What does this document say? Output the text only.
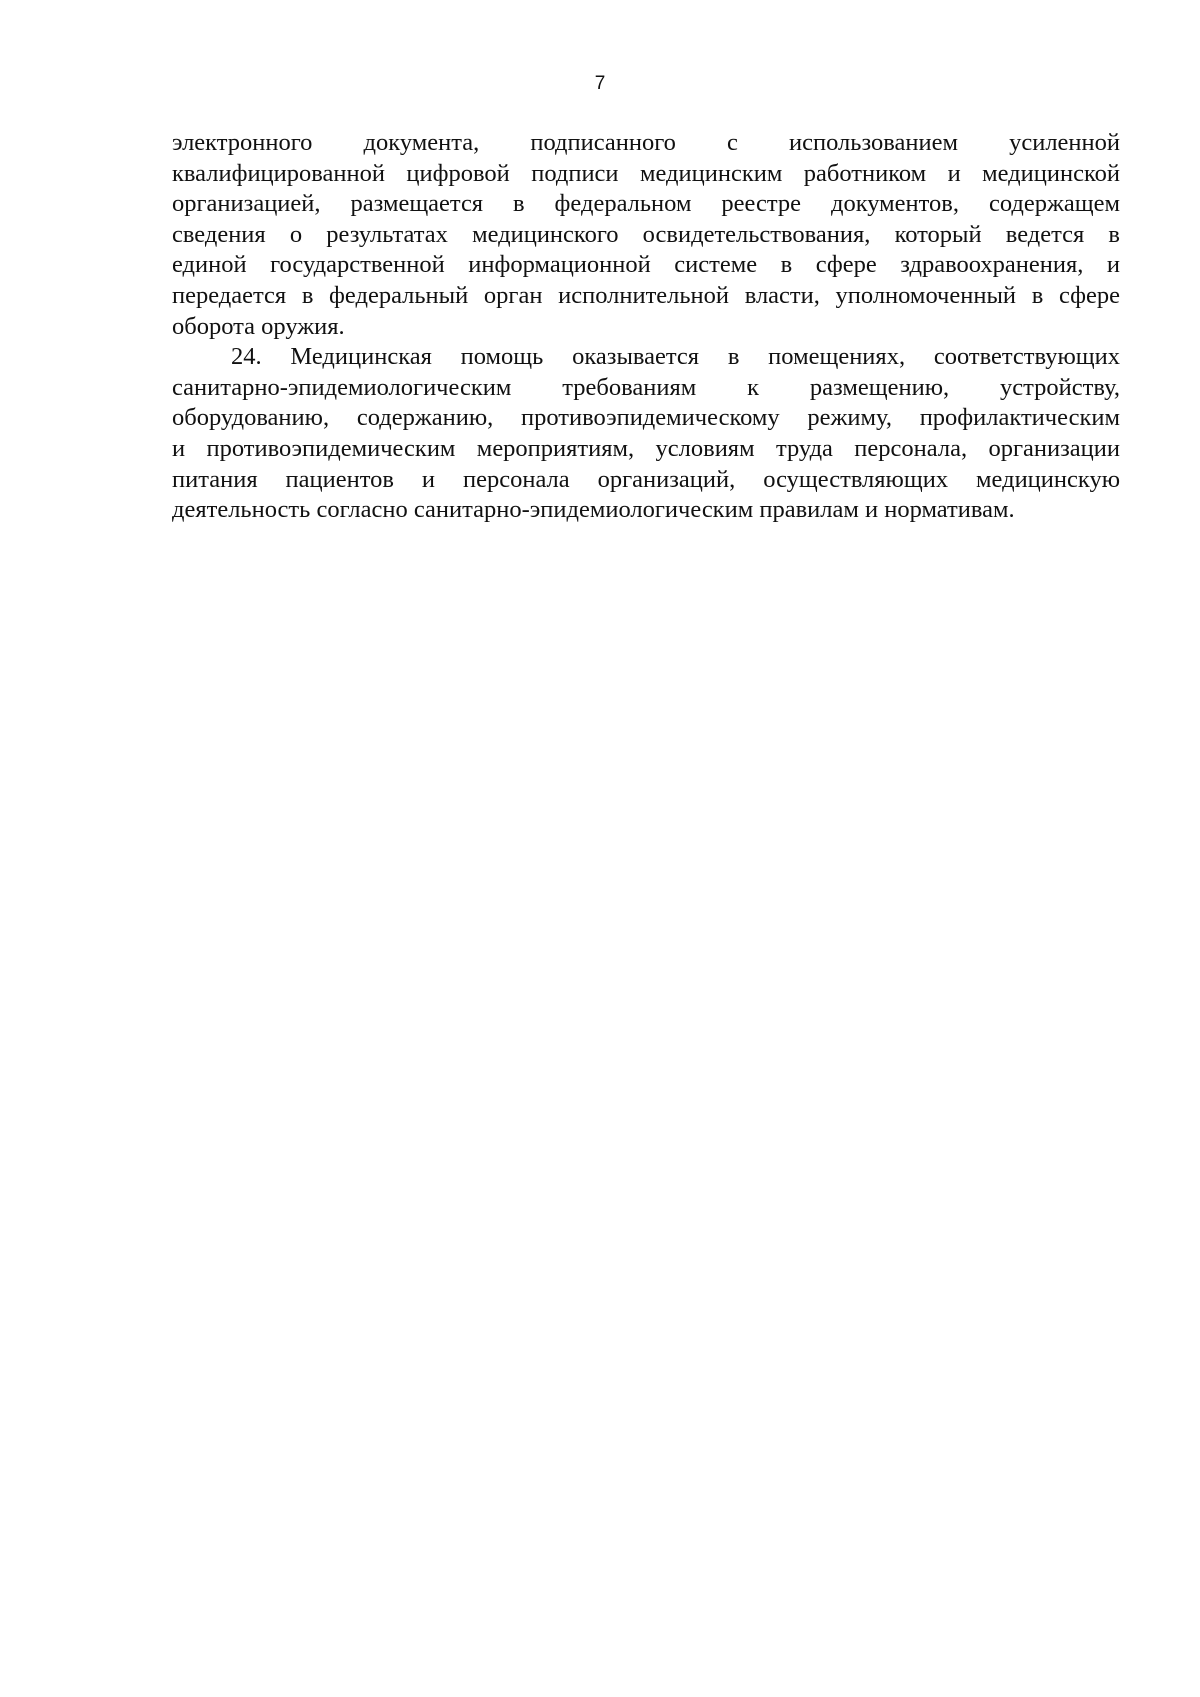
7
электронного документа, подписанного с использованием усиленной
квалифицированной цифровой подписи медицинским работником и медицинской
организацией, размещается в федеральном реестре документов, содержащем
сведения о результатах медицинского освидетельствования, который ведется в
единой государственной информационной системе в сфере здравоохранения, и
передается в федеральный орган исполнительной власти, уполномоченный в сфере
оборота оружия.
24. Медицинская помощь оказывается в помещениях, соответствующих
санитарно-эпидемиологическим требованиям к размещению, устройству,
оборудованию, содержанию, противоэпидемическому режиму, профилактическим
и противоэпидемическим мероприятиям, условиям труда персонала, организации
питания пациентов и персонала организаций, осуществляющих медицинскую
деятельность согласно санитарно-эпидемиологическим правилам и нормативам.
